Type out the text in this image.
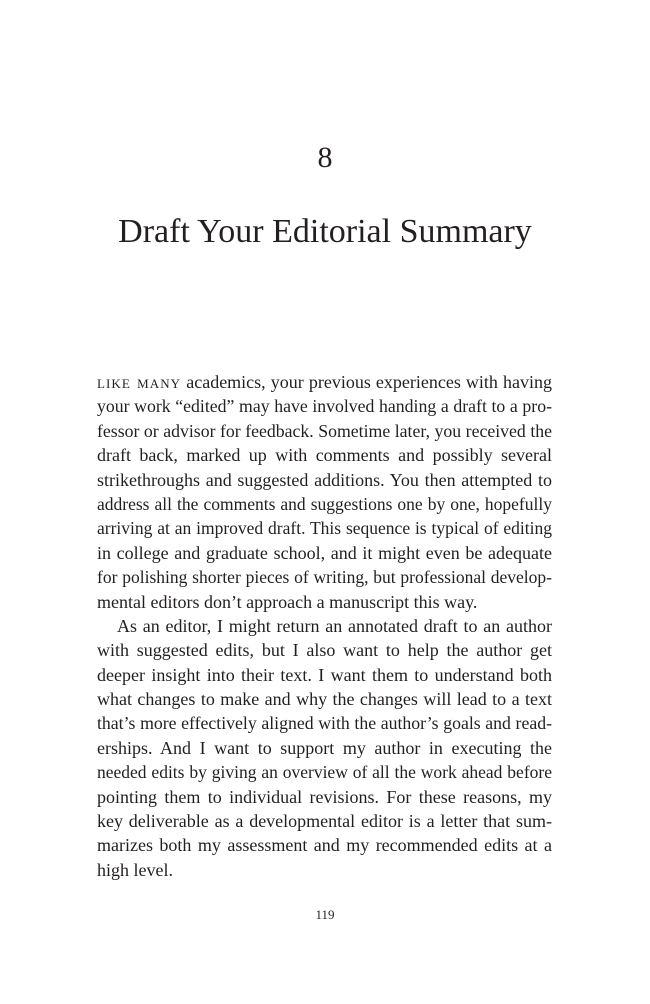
8
Draft Your Editorial Summary
like many academics, your previous experiences with having
your work “edited” may have involved handing a draft to a pro-
fessor or advisor for feedback. Sometime later, you received the
draft back, marked up with comments and possibly several
strikethroughs and suggested additions. You then attempted to
address all the comments and suggestions one by one, hopefully
arriving at an improved draft. This sequence is typical of editing
in college and graduate school, and it might even be adequate
for polishing shorter pieces of writing, but professional develop-
mental editors don’t approach a manuscript this way.
As an editor, I might return an annotated draft to an author
with suggested edits, but I also want to help the author get
deeper insight into their text. I want them to understand both
what changes to make and why the changes will lead to a text
that’s more effectively aligned with the author’s goals and read-
erships. And I want to support my author in executing the
needed edits by giving an overview of all the work ahead before
pointing them to individual revisions. For these reasons, my
key deliverable as a developmental editor is a letter that sum-
marizes both my assessment and my recommended edits at a
high level.
119
